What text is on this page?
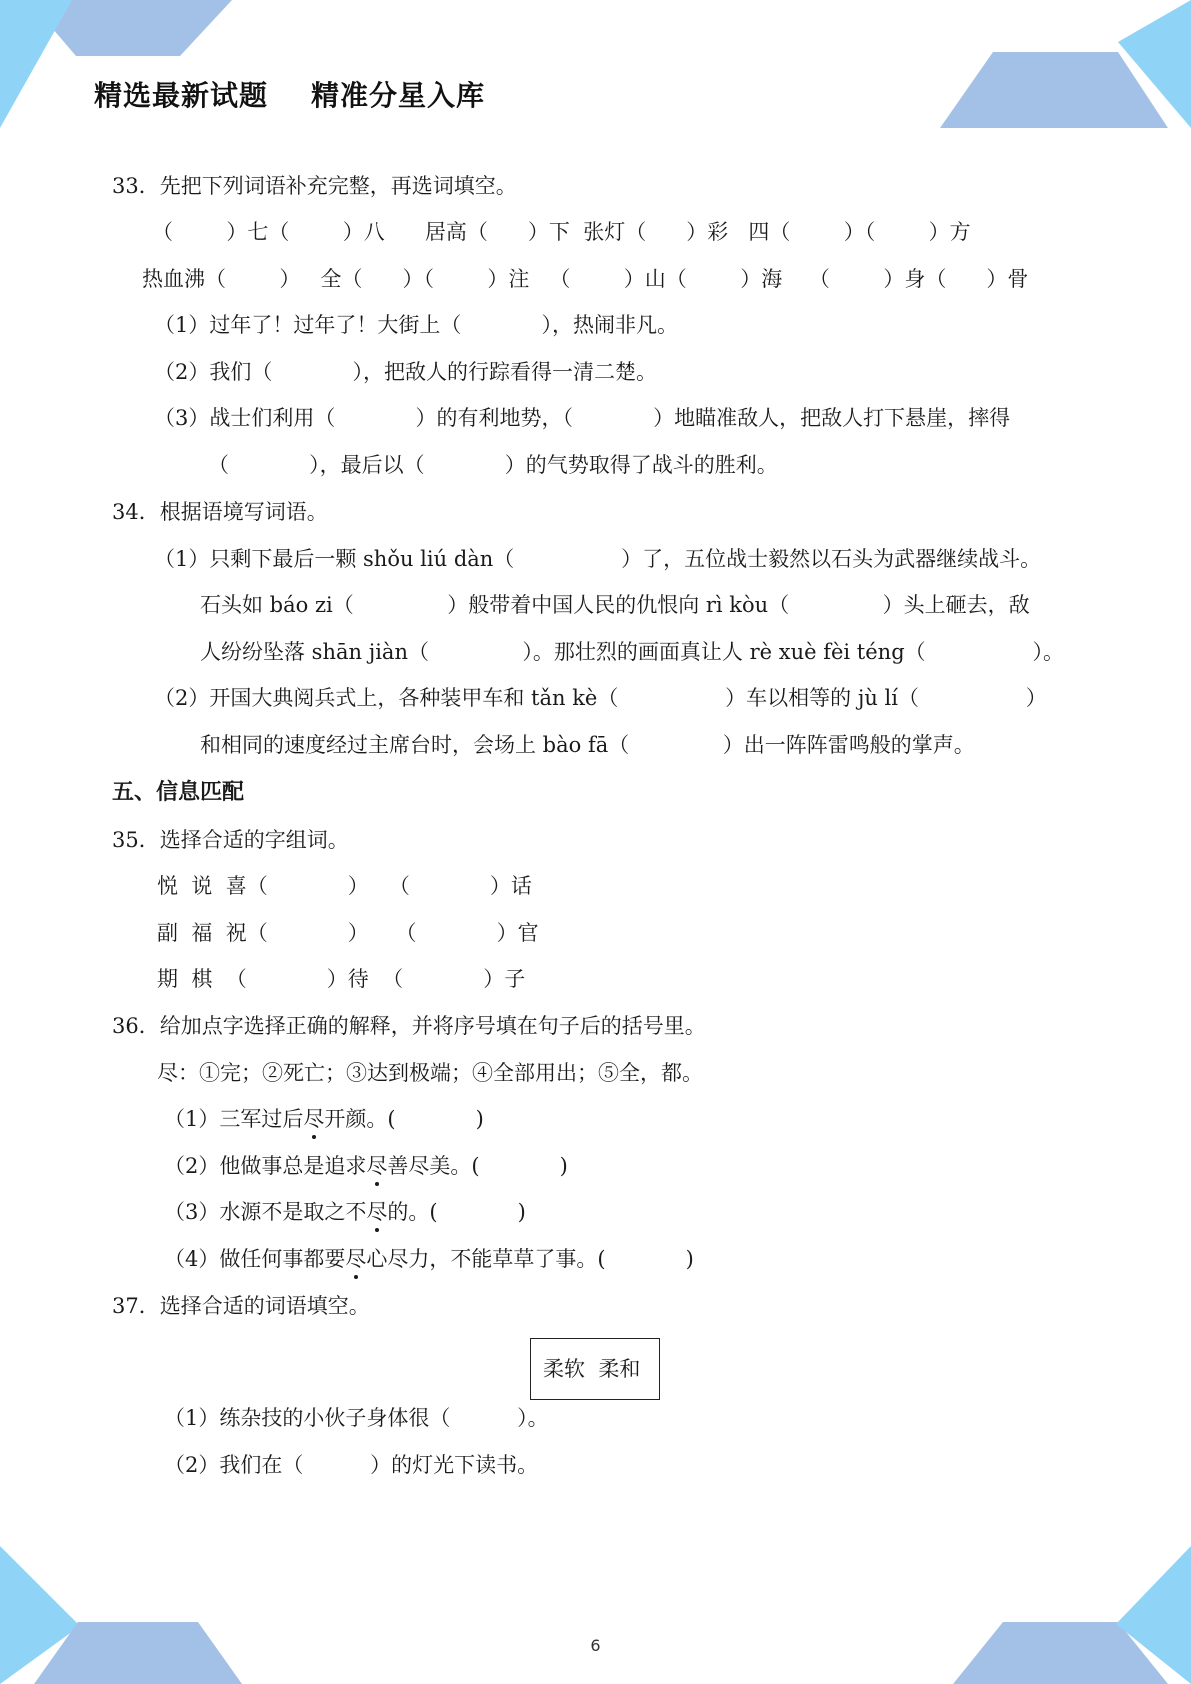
精选最新试题    精准分星入库
33．先把下列词语补充完整，再选词填空。
（        ）七（        ）八      居高（      ）下  张灯（      ）彩   四（        ）（        ）方
热血沸（        ）   全（      ）（        ）注   （        ）山（        ）海    （        ）身（      ）骨
（1）过年了！过年了！大街上（            ），热闹非凡。
（2）我们（            ），把敌人的行踪看得一清二楚。
（3）战士们利用（            ）的有利地势，（            ）地瞄准敌人，把敌人打下悬崖，摔得
（            ），最后以（            ）的气势取得了战斗的胜利。
34．根据语境写词语。
（1）只剩下最后一颗 shǒu liú dàn（                ）了，五位战士毅然以石头为武器继续战斗。
石头如 báo zi（              ）般带着中国人民的仇恨向 rì kòu（              ）头上砸去，敌
人纷纷坠落 shān jiàn（              ）。那壮烈的画面真让人 rè xuè fèi téng（                ）。
（2）开国大典阅兵式上，各种装甲车和 tǎn kè（                ）车以相等的 jù lí（                ）
和相同的速度经过主席台时，会场上 bào fā（              ）出一阵阵雷鸣般的掌声。
五、信息匹配
35．选择合适的字组词。
悦  说  喜（            ）   （            ）话
副  福  祝（            ）    （            ）官
期  棋  （            ）待  （            ）子
36．给加点字选择正确的解释，并将序号填在句子后的括号里。
尽：①完；②死亡；③达到极端；④全部用出；⑤全，都。
（1）三军过后尽开颜。(            )
（2）他做事总是追求尽善尽美。(            )
（3）水源不是取之不尽的。(            )
（4）做任何事都要尽心尽力，不能草草了事。(            )
37．选择合适的词语填空。
柔软  柔和
（1）练杂技的小伙子身体很（          ）。
（2）我们在（          ）的灯光下读书。
6
